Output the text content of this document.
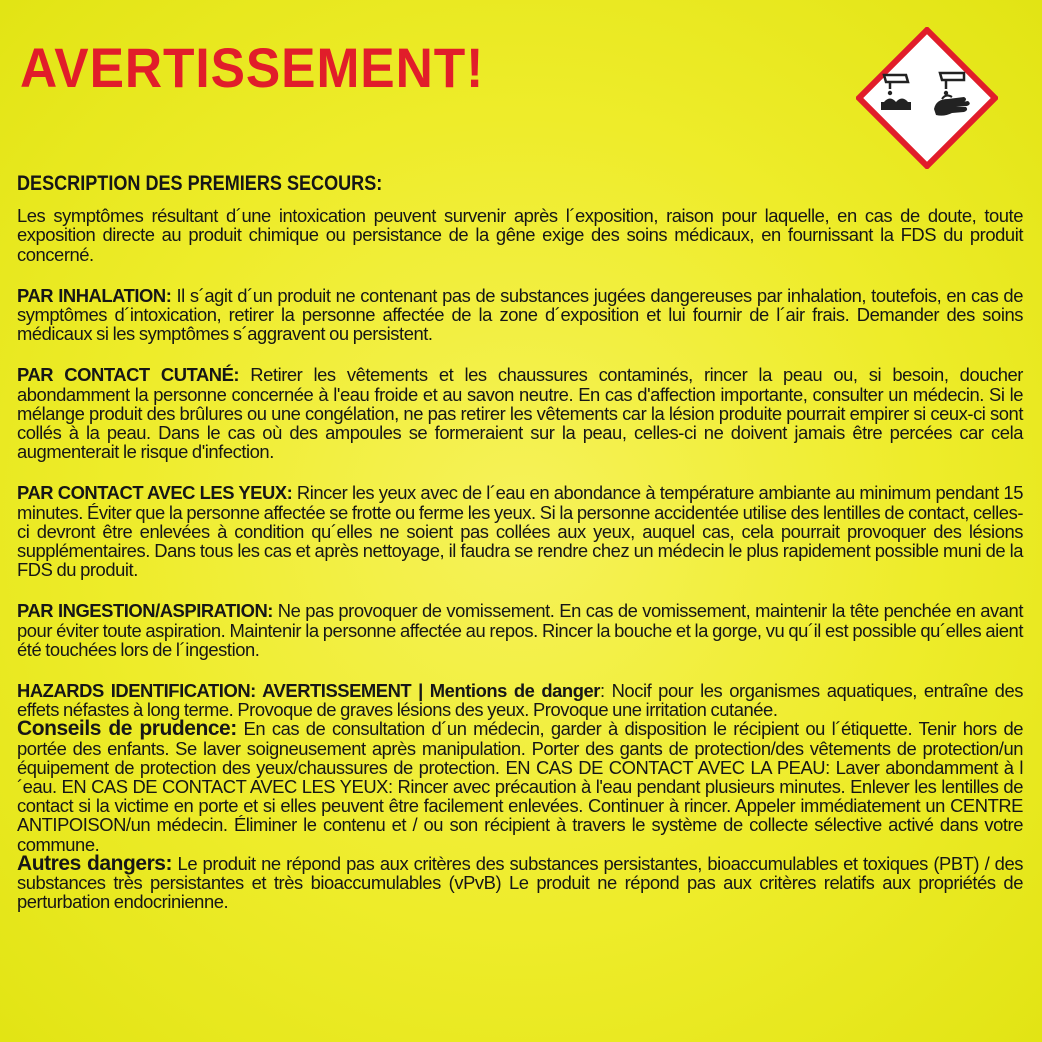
AVERTISSEMENT!
DESCRIPTION DES PREMIERS SECOURS:

Les symptômes résultant d´une intoxication peuvent survenir après l´exposition, raison pour laquelle, en cas de doute, toute exposition directe au produit chimique ou persistance de la gêne exige des soins médicaux, en fournissant la FDS du produit concerné.

PAR INHALATION: Il s´agit d´un produit ne contenant pas de substances jugées dangereuses par inhalation, toutefois, en cas de symptômes d´intoxication, retirer la personne affectée de la zone d´exposition et lui fournir de l´air frais. Demander des soins médicaux si les symptômes s´aggravent ou persistent.

PAR CONTACT CUTANÉ: Retirer les vêtements et les chaussures contaminés, rincer la peau ou, si besoin, doucher abondamment la personne concernée à l'eau froide et au savon neutre. En cas d'affection importante, consulter un médecin. Si le mélange produit des brûlures ou une congélation, ne pas retirer les vêtements car la lésion produite pourrait empirer si ceux-ci sont collés à la peau. Dans le cas où des ampoules se formeraient sur la peau, celles-ci ne doivent jamais être percées car cela augmenterait le risque d'infection.

PAR CONTACT AVEC LES YEUX: Rincer les yeux avec de l´eau en abondance à température ambiante au minimum pendant 15 minutes. Éviter que la personne affectée se frotte ou ferme les yeux. Si la personne accidentée utilise des lentilles de contact, celles-ci devront être enlevées à condition qu´elles ne soient pas collées aux yeux, auquel cas, cela pourrait provoquer des lésions supplémentaires. Dans tous les cas et après nettoyage, il faudra se rendre chez un médecin le plus rapidement possible muni de la FDS du produit.

PAR INGESTION/ASPIRATION: Ne pas provoquer de vomissement. En cas de vomissement, maintenir la tête penchée en avant pour éviter toute aspiration. Maintenir la personne affectée au repos. Rincer la bouche et la gorge, vu qu´il est possible qu´elles aient été touchées lors de l´ingestion.

HAZARDS IDENTIFICATION: AVERTISSEMENT | Mentions de danger: Nocif pour les organismes aquatiques, entraîne des effets néfastes à long terme. Provoque de graves lésions des yeux. Provoque une irritation cutanée.
Conseils de prudence: En cas de consultation d´un médecin, garder à disposition le récipient ou l´étiquette. Tenir hors de portée des enfants. Se laver soigneusement après manipulation. Porter des gants de protection/des vêtements de protection/un équipement de protection des yeux/chaussures de protection. EN CAS DE CONTACT AVEC LA PEAU: Laver abondamment à l´eau. EN CAS DE CONTACT AVEC LES YEUX: Rincer avec précaution à l'eau pendant plusieurs minutes. Enlever les lentilles de contact si la victime en porte et si elles peuvent être facilement enlevées. Continuer à rincer. Appeler immédiatement un CENTRE ANTIPOISON/un médecin. Éliminer le contenu et / ou son récipient à travers le système de collecte sélective activé dans votre commune.
Autres dangers: Le produit ne répond pas aux critères des substances persistantes, bioaccumulables et toxiques (PBT) / des substances très persistantes et très bioaccumulables (vPvB) Le produit ne répond pas aux critères relatifs aux propriétés de perturbation endocrinienne.
